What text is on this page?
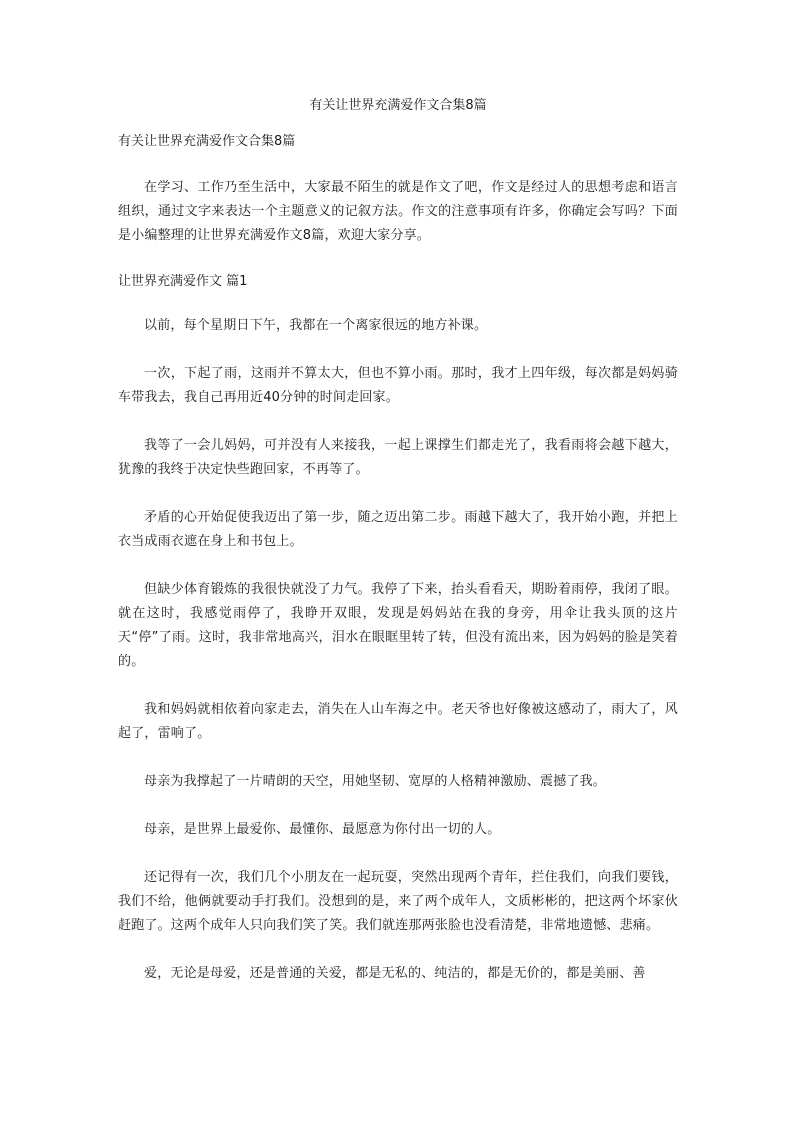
有关让世界充满爱作文合集8篇
有关让世界充满爱作文合集8篇

在学习、工作乃至生活中，大家最不陌生的就是作文了吧，作文是经过人的思想考虑和语言组织，通过文字来表达一个主题意义的记叙方法。作文的注意事项有许多，你确定会写吗？下面是小编整理的让世界充满爱作文8篇，欢迎大家分享。

让世界充满爱作文 篇1

以前，每个星期日下午，我都在一个离家很远的地方补课。

一次，下起了雨，这雨并不算太大，但也不算小雨。那时，我才上四年级，每次都是妈妈骑车带我去，我自己再用近40分钟的时间走回家。

我等了一会儿妈妈，可并没有人来接我，一起上课撑生们都走光了，我看雨将会越下越大，犹豫的我终于决定快些跑回家，不再等了。

矛盾的心开始促使我迈出了第一步，随之迈出第二步。雨越下越大了，我开始小跑，并把上衣当成雨衣遮在身上和书包上。

但缺少体育锻炼的我很快就没了力气。我停了下来，抬头看看天，期盼着雨停，我闭了眼。就在这时，我感觉雨停了，我睁开双眼，发现是妈妈站在我的身旁，用伞让我头顶的这片天“停”了雨。这时，我非常地高兴，泪水在眼眶里转了转，但没有流出来，因为妈妈的脸是笑着的。

我和妈妈就相依着向家走去，消失在人山车海之中。老天爷也好像被这感动了，雨大了，风起了，雷响了。

母亲为我撑起了一片晴朗的天空，用她坚韧、宽厚的人格精神激励、震撼了我。

母亲，是世界上最爱你、最懂你、最愿意为你付出一切的人。

还记得有一次，我们几个小朋友在一起玩耍，突然出现两个青年，拦住我们，向我们要钱，我们不给，他俩就要动手打我们。没想到的是，来了两个成年人，文质彬彬的，把这两个坏家伙赶跑了。这两个成年人只向我们笑了笑。我们就连那两张脸也没看清楚，非常地遗憾、悲痛。

爱，无论是母爱，还是普通的关爱，都是无私的、纯洁的，都是无价的，都是美丽、善
